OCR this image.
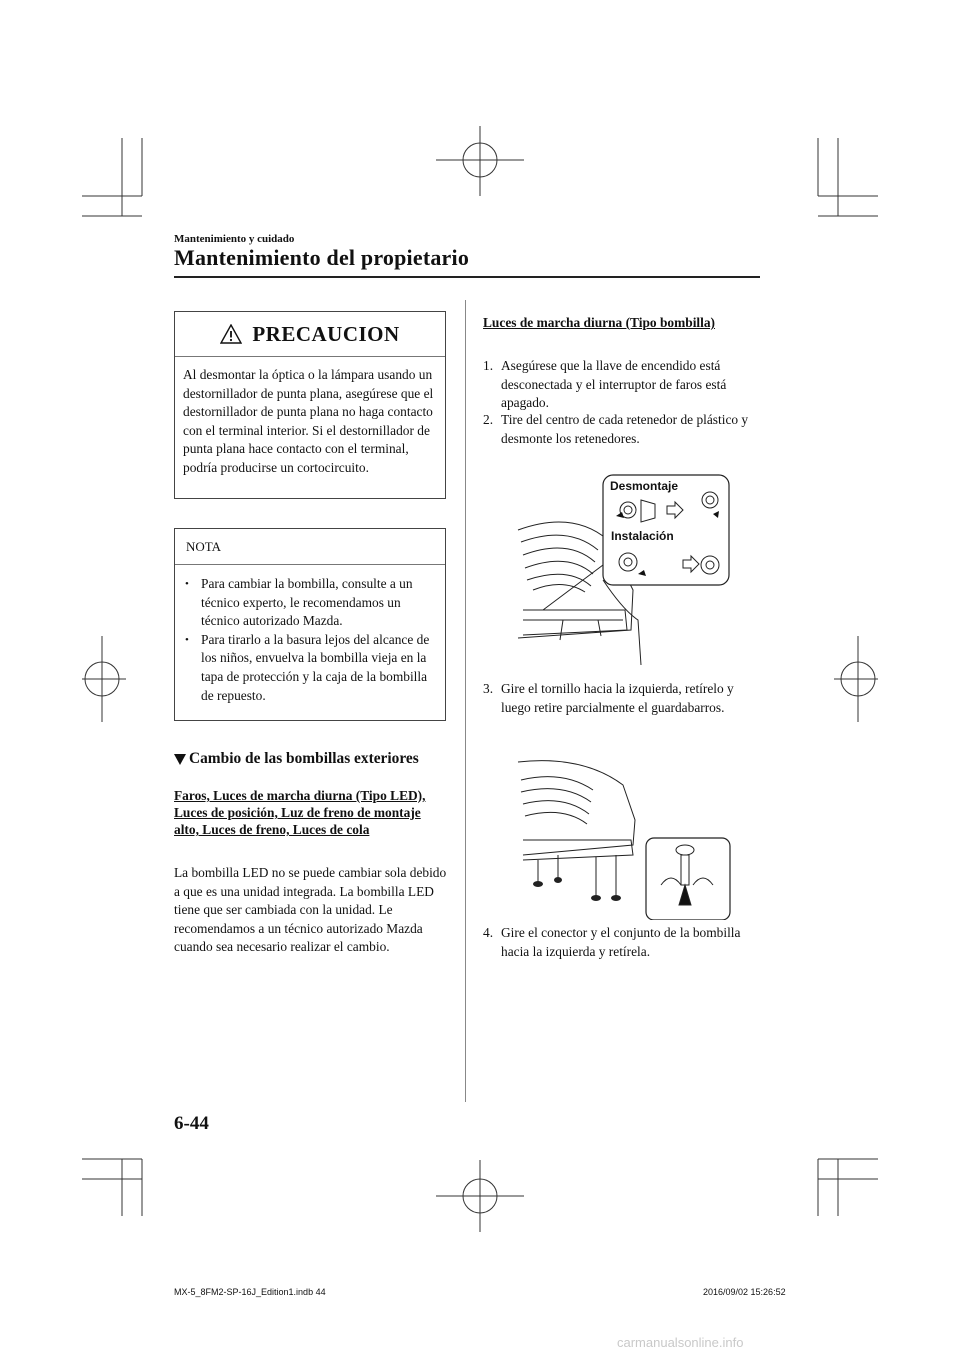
Mantenimiento y cuidado
Mantenimiento del propietario
PRECAUCION
Al desmontar la óptica o la lámpara usando un destornillador de punta plana, asegúrese que el destornillador de punta plana no haga contacto con el terminal interior. Si el destornillador de punta plana hace contacto con el terminal, podría producirse un cortocircuito.
NOTA
• Para cambiar la bombilla, consulte a un técnico experto, le recomendamos un técnico autorizado Mazda.
• Para tirarlo a la basura lejos del alcance de los niños, envuelva la bombilla vieja en la tapa de protección y la caja de la bombilla de repuesto.
Cambio de las bombillas exteriores
Faros, Luces de marcha diurna (Tipo LED), Luces de posición, Luz de freno de montaje alto, Luces de freno, Luces de cola
La bombilla LED no se puede cambiar sola debido a que es una unidad integrada. La bombilla LED tiene que ser cambiada con la unidad. Le recomendamos a un técnico autorizado Mazda cuando sea necesario realizar el cambio.
Luces de marcha diurna (Tipo bombilla)
1. Asegúrese que la llave de encendido está desconectada y el interruptor de faros está apagado.
2. Tire del centro de cada retenedor de plástico y desmonte los retenedores.
Desmontaje
Instalación
3. Gire el tornillo hacia la izquierda, retírelo y luego retire parcialmente el guardabarros.
4. Gire el conector y el conjunto de la bombilla hacia la izquierda y retírela.
6-44
MX-5_8FM2-SP-16J_Edition1.indb 44	2016/09/02 15:26:52
carmanualsonline.info
